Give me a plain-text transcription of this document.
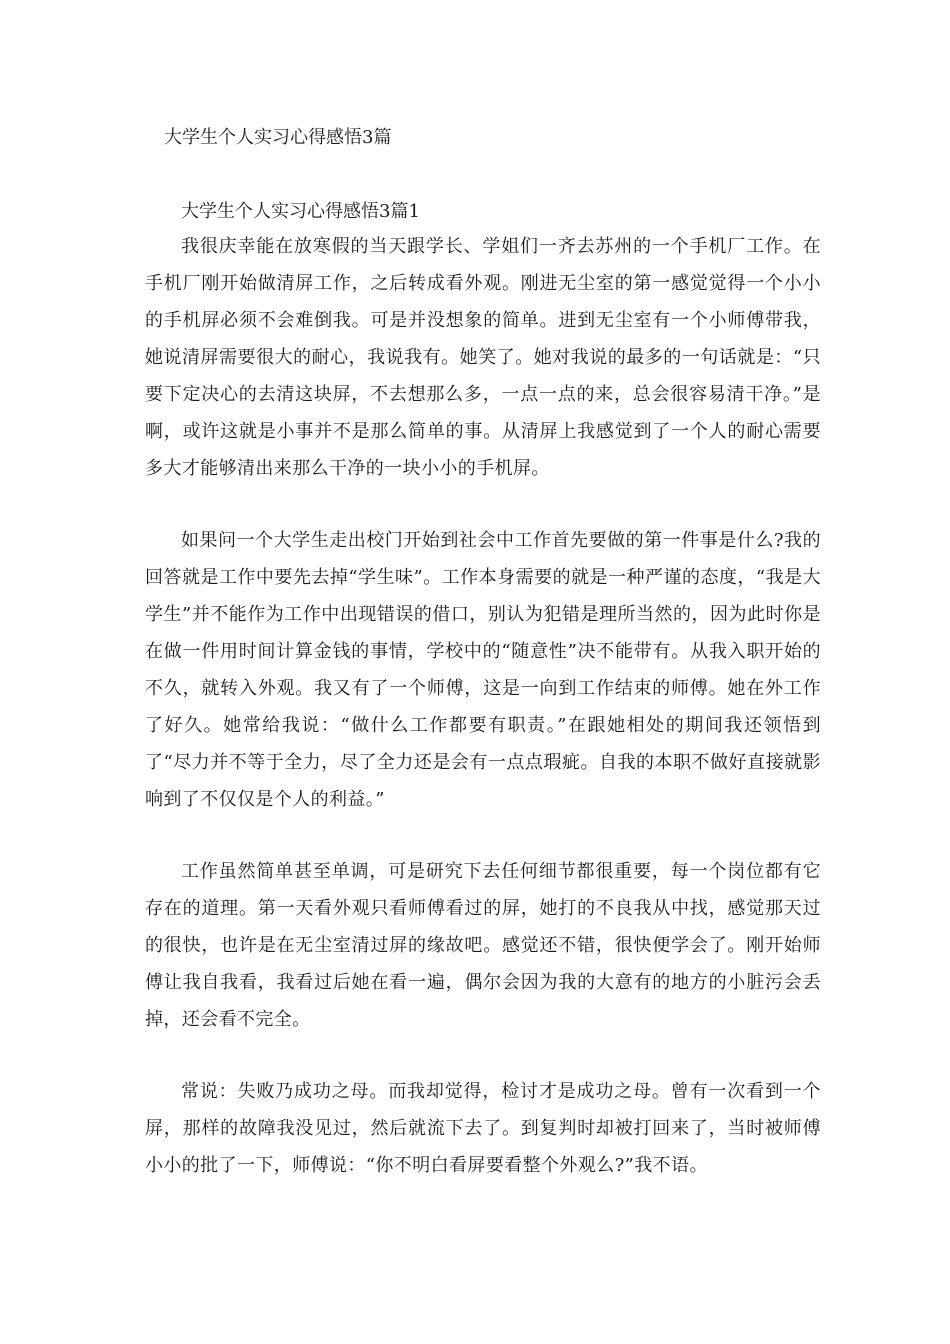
大学生个人实习心得感悟3篇

大学生个人实习心得感悟3篇1

我很庆幸能在放寒假的当天跟学长、学姐们一齐去苏州的一个手机厂工作。在手机厂刚开始做清屏工作，之后转成看外观。刚进无尘室的第一感觉觉得一个小小的手机屏必须不会难倒我。可是并没想象的简单。进到无尘室有一个小师傅带我，她说清屏需要很大的耐心，我说我有。她笑了。她对我说的最多的一句话就是：“只要下定决心的去清这块屏，不去想那么多，一点一点的来，总会很容易清干净。”是啊，或许这就是小事并不是那么简单的事。从清屏上我感觉到了一个人的耐心需要多大才能够清出来那么干净的一块小小的手机屏。

如果问一个大学生走出校门开始到社会中工作首先要做的第一件事是什么?我的回答就是工作中要先去掉“学生味”。工作本身需要的就是一种严谨的态度，“我是大学生”并不能作为工作中出现错误的借口，别认为犯错是理所当然的，因为此时你是在做一件用时间计算金钱的事情，学校中的“随意性”决不能带有。从我入职开始的不久，就转入外观。我又有了一个师傅，这是一向到工作结束的师傅。她在外工作了好久。她常给我说：“做什么工作都要有职责。”在跟她相处的期间我还领悟到了“尽力并不等于全力，尽了全力还是会有一点点瑕疵。自我的本职不做好直接就影响到了不仅仅是个人的利益。”

工作虽然简单甚至单调，可是研究下去任何细节都很重要，每一个岗位都有它存在的道理。第一天看外观只看师傅看过的屏，她打的不良我从中找，感觉那天过的很快，也许是在无尘室清过屏的缘故吧。感觉还不错，很快便学会了。刚开始师傅让我自我看，我看过后她在看一遍，偶尔会因为我的大意有的地方的小脏污会丢掉，还会看不完全。

常说：失败乃成功之母。而我却觉得，检讨才是成功之母。曾有一次看到一个屏，那样的故障我没见过，然后就流下去了。到复判时却被打回来了，当时被师傅小小的批了一下，师傅说：“你不明白看屏要看整个外观么?”我不语。
